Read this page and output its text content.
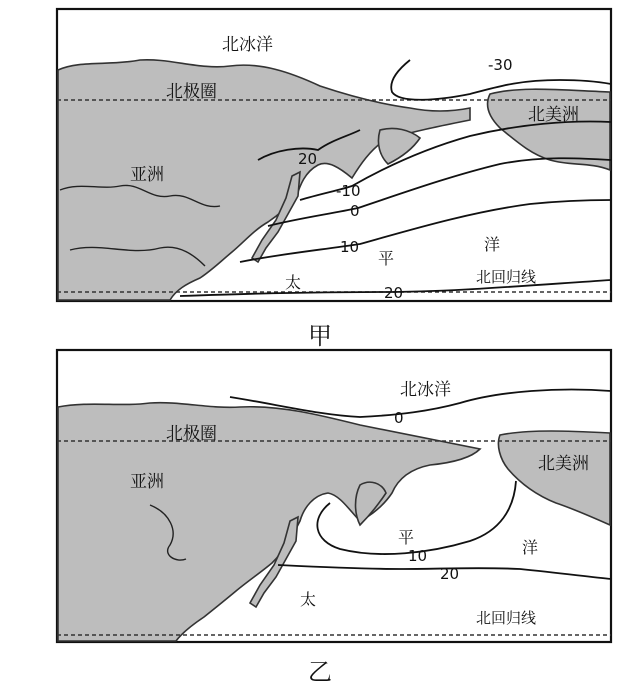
北冰洋
北极圈
亚洲
北美洲
太
平
洋
北回归线
-30
20
-10
0
10
20
甲
北冰洋
北极圈
亚洲
北美洲
太
平
洋
北回归线
0
10
20
乙
